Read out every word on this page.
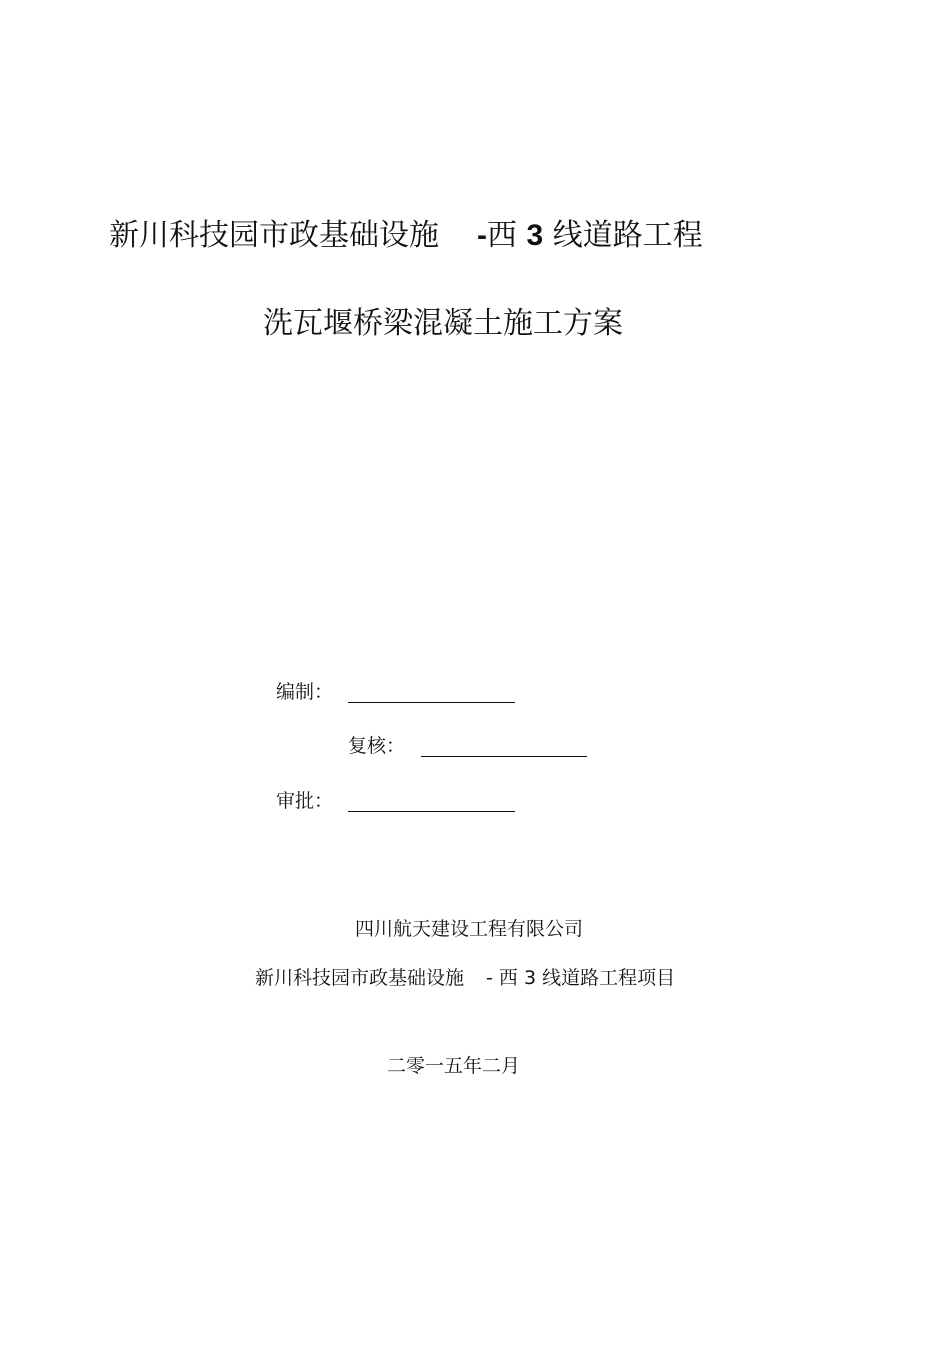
新川科技园市政基础设施 -西 3 线道路工程
洗瓦堰桥梁混凝土施工方案
编制：
复核：
审批：
四川航天建设工程有限公司
新川科技园市政基础设施 - 西 3 线道路工程项目
二零一五年二月
